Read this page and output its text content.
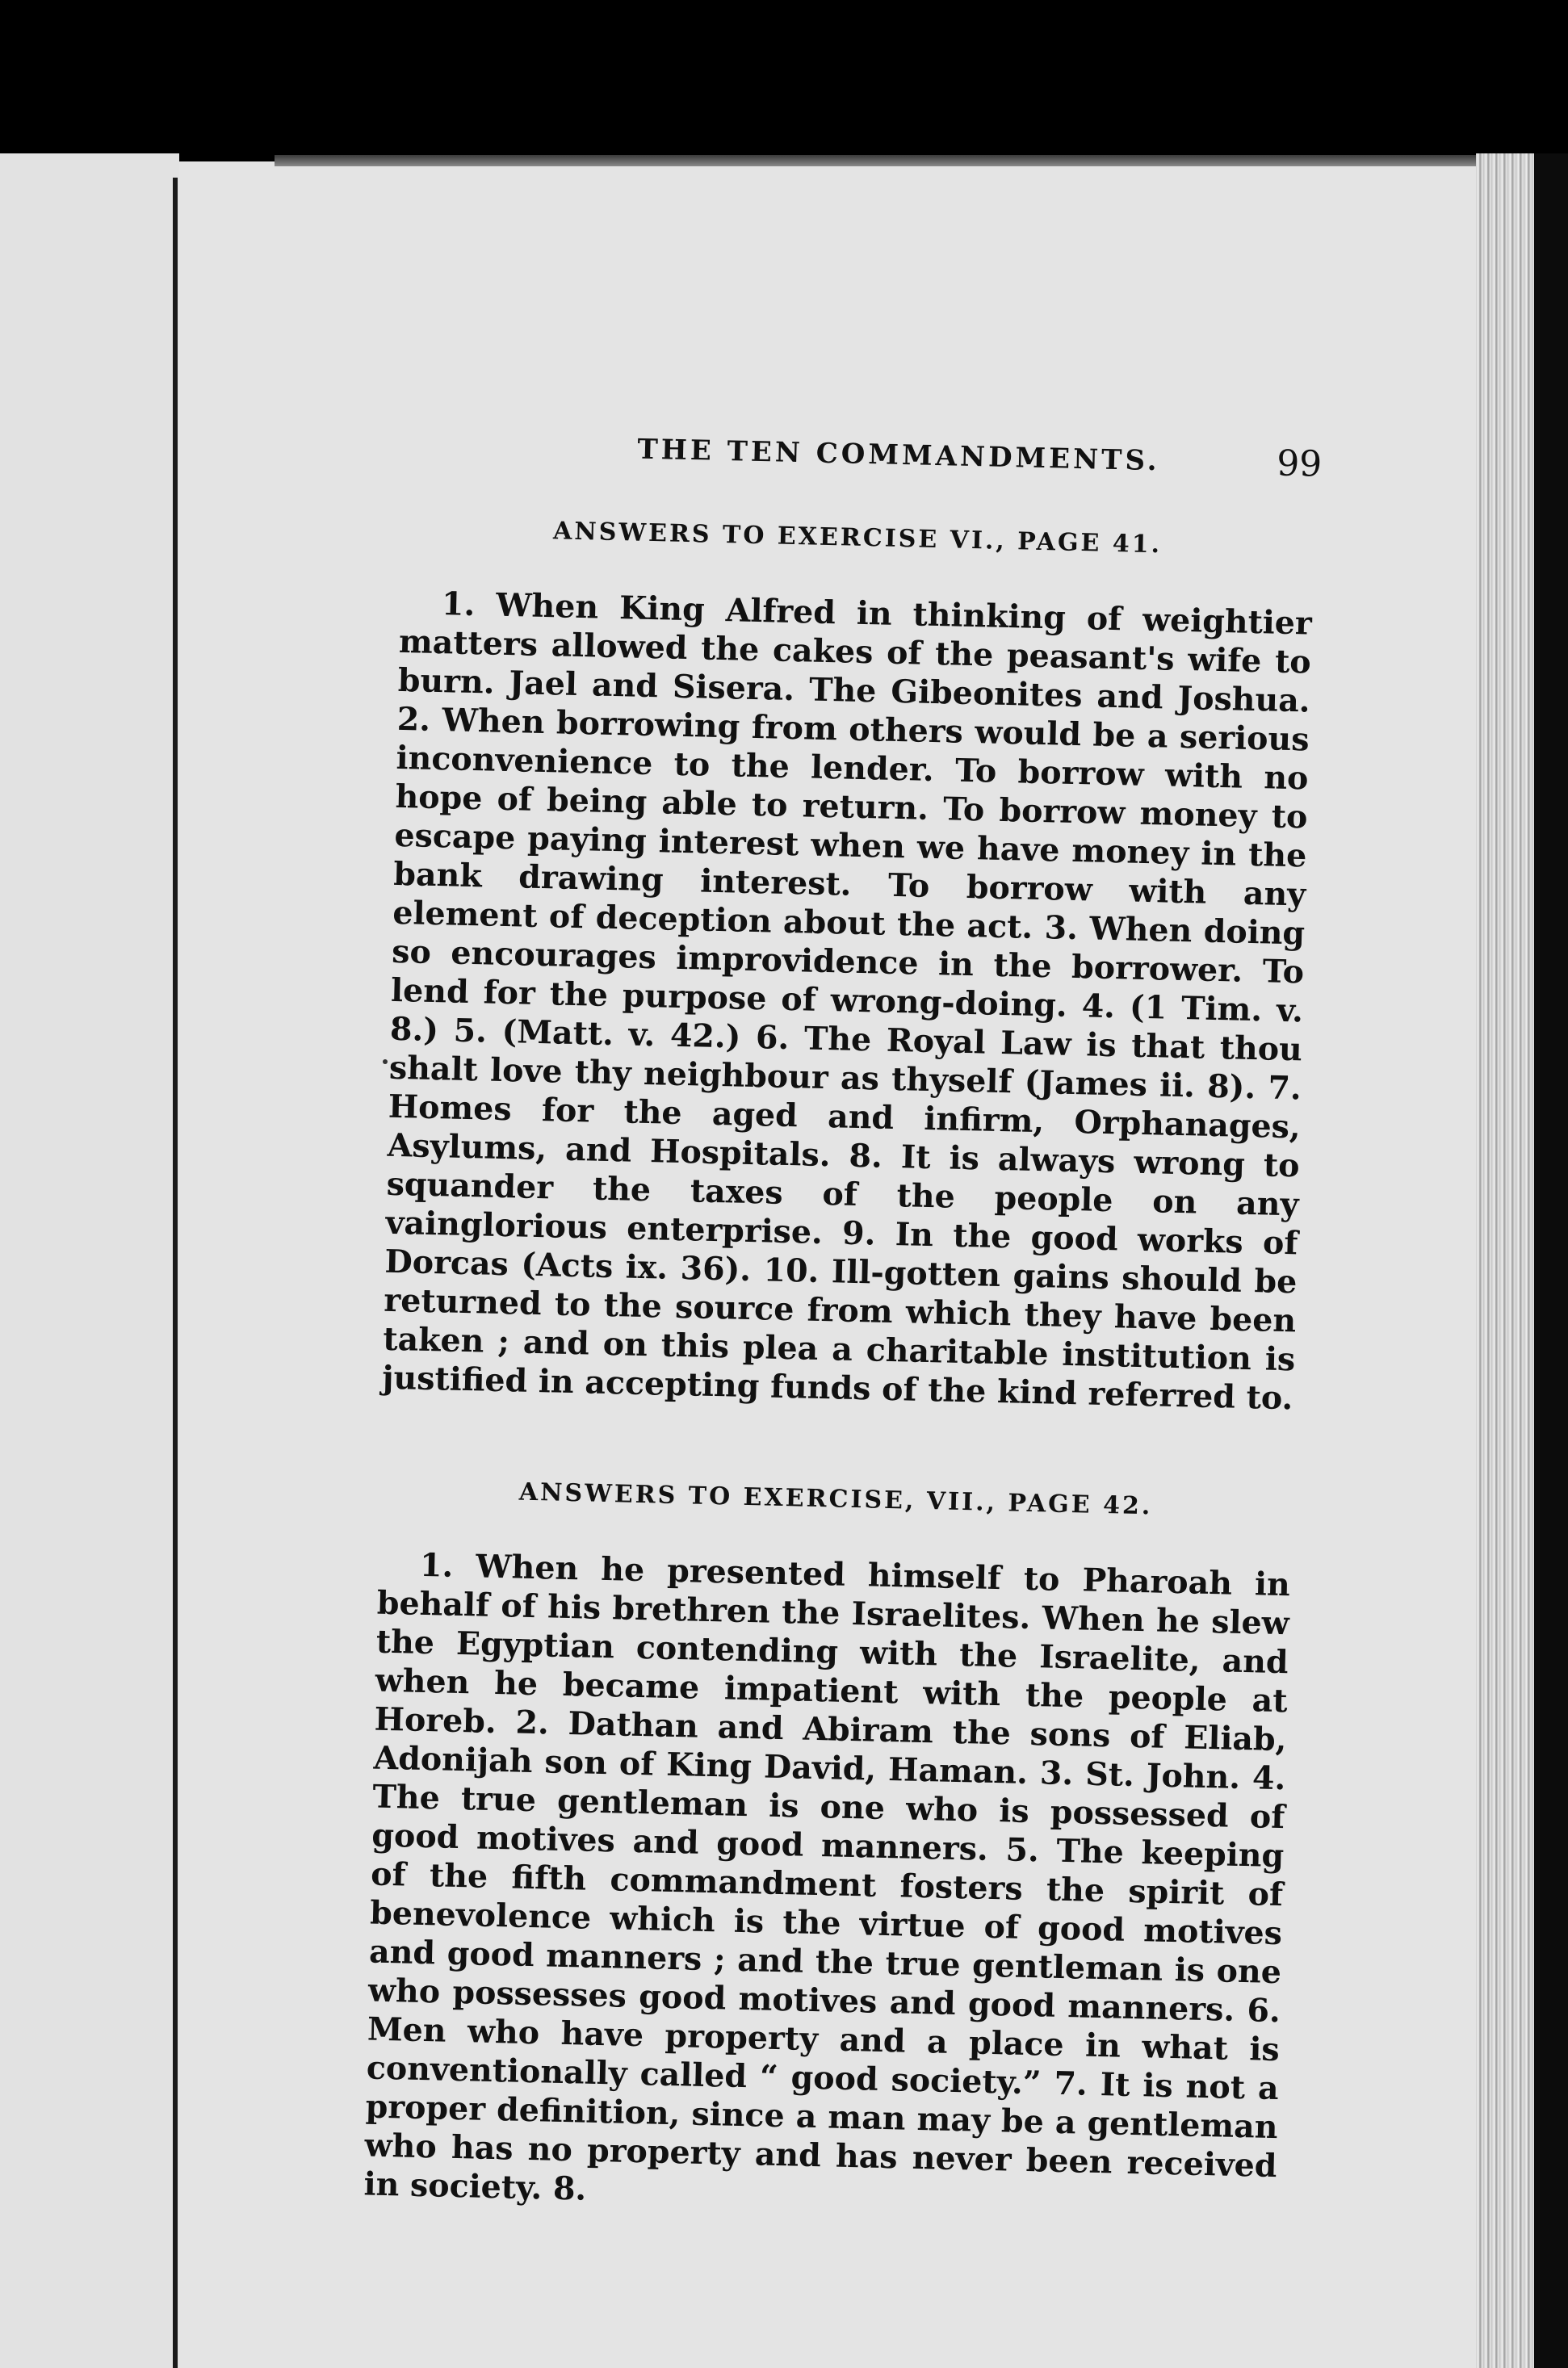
THE TEN COMMANDMENTS.	99
ANSWERS TO EXERCISE VI., PAGE 41.

1. When King Alfred in thinking of weightier matters allowed the cakes of the peasant's wife to burn. Jael and Sisera. The Gibeonites and Joshua. 2. When borrowing from others would be a serious inconvenience to the lender. To borrow with no hope of being able to return. To borrow money to escape paying interest when we have money in the bank drawing interest. To borrow with any element of deception about the act. 3. When doing so encourages improvidence in the borrower. To lend for the purpose of wrong-doing. 4. (1 Tim. v. 8.) 5. (Matt. v. 42.) 6. The Royal Law is that thou shalt love thy neighbour as thyself (James ii. 8). 7. Homes for the aged and infirm, Orphanages, Asylums, and Hospitals. 8. It is always wrong to squander the taxes of the people on any vainglorious enterprise. 9. In the good works of Dorcas (Acts ix. 36). 10. Ill-gotten gains should be returned to the source from which they have been taken ; and on this plea a charitable institution is justified in accepting funds of the kind referred to.

ANSWERS TO EXERCISE, VII., PAGE 42.

1. When he presented himself to Pharoah in behalf of his brethren the Israelites. When he slew the Egyptian contending with the Israelite, and when he became impatient with the people at Horeb. 2. Dathan and Abiram the sons of Eliab, Adonijah son of King David, Haman. 3. St. John. 4. The true gentleman is one who is possessed of good motives and good manners. 5. The keeping of the fifth commandment fosters the spirit of benevolence which is the virtue of good motives and good manners ; and the true gentleman is one who possesses good motives and good manners. 6. Men who have property and a place in what is conventionally called “ good society.” 7. It is not a proper definition, since a man may be a gentleman who has no property and has never been received in society. 8.
